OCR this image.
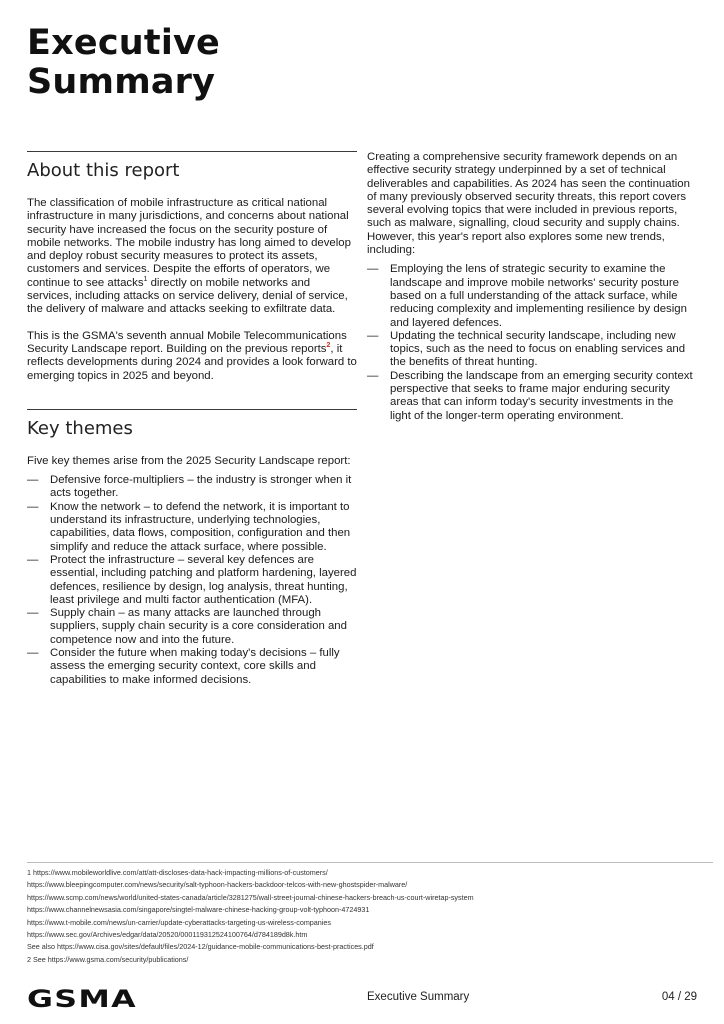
Executive
Summary
About this report

The classification of mobile infrastructure as critical national infrastructure in many jurisdictions, and concerns about national security have increased the focus on the security posture of mobile networks. The mobile industry has long aimed to develop and deploy robust security measures to protect its assets, customers and services. Despite the efforts of operators, we continue to see attacks$^1$ directly on mobile networks and services, including attacks on service delivery, denial of service, the delivery of malware and attacks seeking to exfiltrate data.

This is the GSMA's seventh annual Mobile Telecommunications Security Landscape report. Building on the previous reports$^2$, it reflects developments during 2024 and provides a look forward to emerging topics in 2025 and beyond.

Key themes

Five key themes arise from the 2025 Security Landscape report:

— Defensive force-multipliers – the industry is stronger when it acts together.
— Know the network – to defend the network, it is important to understand its infrastructure, underlying technologies, capabilities, data flows, composition, configuration and then simplify and reduce the attack surface, where possible.
— Protect the infrastructure – several key defences are essential, including patching and platform hardening, layered defences, resilience by design, log analysis, threat hunting, least privilege and multi factor authentication (MFA).
— Supply chain – as many attacks are launched through suppliers, supply chain security is a core consideration and competence now and into the future.
— Consider the future when making today's decisions – fully assess the emerging security context, core skills and capabilities to make informed decisions.

Creating a comprehensive security framework depends on an effective security strategy underpinned by a set of technical deliverables and capabilities. As 2024 has seen the continuation of many previously observed security threats, this report covers several evolving topics that were included in previous reports, such as malware, signalling, cloud security and supply chains. However, this year's report also explores some new trends, including:

— Employing the lens of strategic security to examine the landscape and improve mobile networks' security posture based on a full understanding of the attack surface, while reducing complexity and implementing resilience by design and layered defences.
— Updating the technical security landscape, including new topics, such as the need to focus on enabling services and the benefits of threat hunting.
— Describing the landscape from an emerging security context perspective that seeks to frame major enduring security areas that can inform today's security investments in the light of the longer-term operating environment.
1 https://www.mobileworldlive.com/att/att-discloses-data-hack-impacting-millions-of-customers/
https://www.bleepingcomputer.com/news/security/salt-typhoon-hackers-backdoor-telcos-with-new-ghostspider-malware/
https://www.scmp.com/news/world/united-states-canada/article/3281275/wall-street-journal-chinese-hackers-breach-us-court-wiretap-system
https://www.channelnewsasia.com/singapore/singtel-malware-chinese-hacking-group-volt-typhoon-4724931
https://www.t-mobile.com/news/un-carrier/update-cyberattacks-targeting-us-wireless-companies
https://www.sec.gov/Archives/edgar/data/20520/000119312524100764/d784189d8k.htm
See also https://www.cisa.gov/sites/default/files/2024-12/guidance-mobile-communications-best-practices.pdf
2 See https://www.gsma.com/security/publications/
GSMA	Executive Summary	04 / 29
